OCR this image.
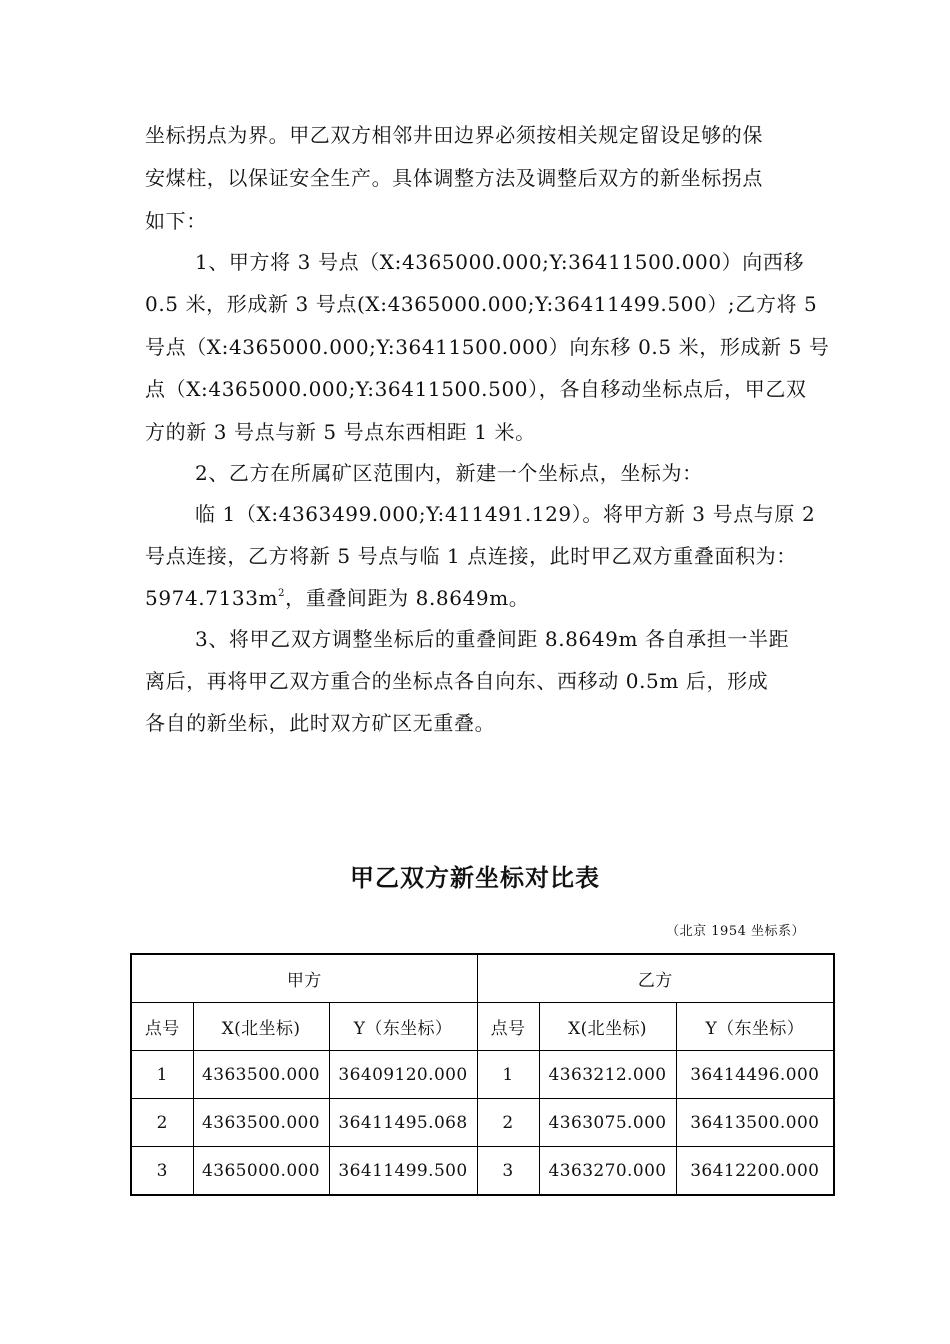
坐标拐点为界。甲乙双方相邻井田边界必须按相关规定留设足够的保
安煤柱，以保证安全生产。具体调整方法及调整后双方的新坐标拐点
如下：
1、甲方将 3 号点（X:4365000.000;Y:36411500.000）向西移
0.5 米，形成新 3 号点(X:4365000.000;Y:36411499.500）;乙方将 5
号点（X:4365000.000;Y:36411500.000）向东移 0.5 米，形成新 5 号
点（X:4365000.000;Y:36411500.500），各自移动坐标点后，甲乙双
方的新 3 号点与新 5 号点东西相距 1 米。
2、乙方在所属矿区范围内，新建一个坐标点，坐标为：
临 1（X:4363499.000;Y:411491.129）。将甲方新 3 号点与原 2
号点连接，乙方将新 5 号点与临 1 点连接，此时甲乙双方重叠面积为：
$5974.7133m^2$，重叠间距为 8.8649m。
3、将甲乙双方调整坐标后的重叠间距 8.8649m 各自承担一半距
离后，再将甲乙双方重合的坐标点各自向东、西移动 0.5m 后，形成
各自的新坐标，此时双方矿区无重叠。
甲乙双方新坐标对比表
（北京 1954 坐标系）
甲方			乙方		
点号	X(北坐标)	Y（东坐标）	点号	X(北坐标)	Y（东坐标）
1	4363500.000	36409120.000	1	4363212.000	36414496.000
2	4363500.000	36411495.068	2	4363075.000	36413500.000
3	4365000.000	36411499.500	3	4363270.000	36412200.000
